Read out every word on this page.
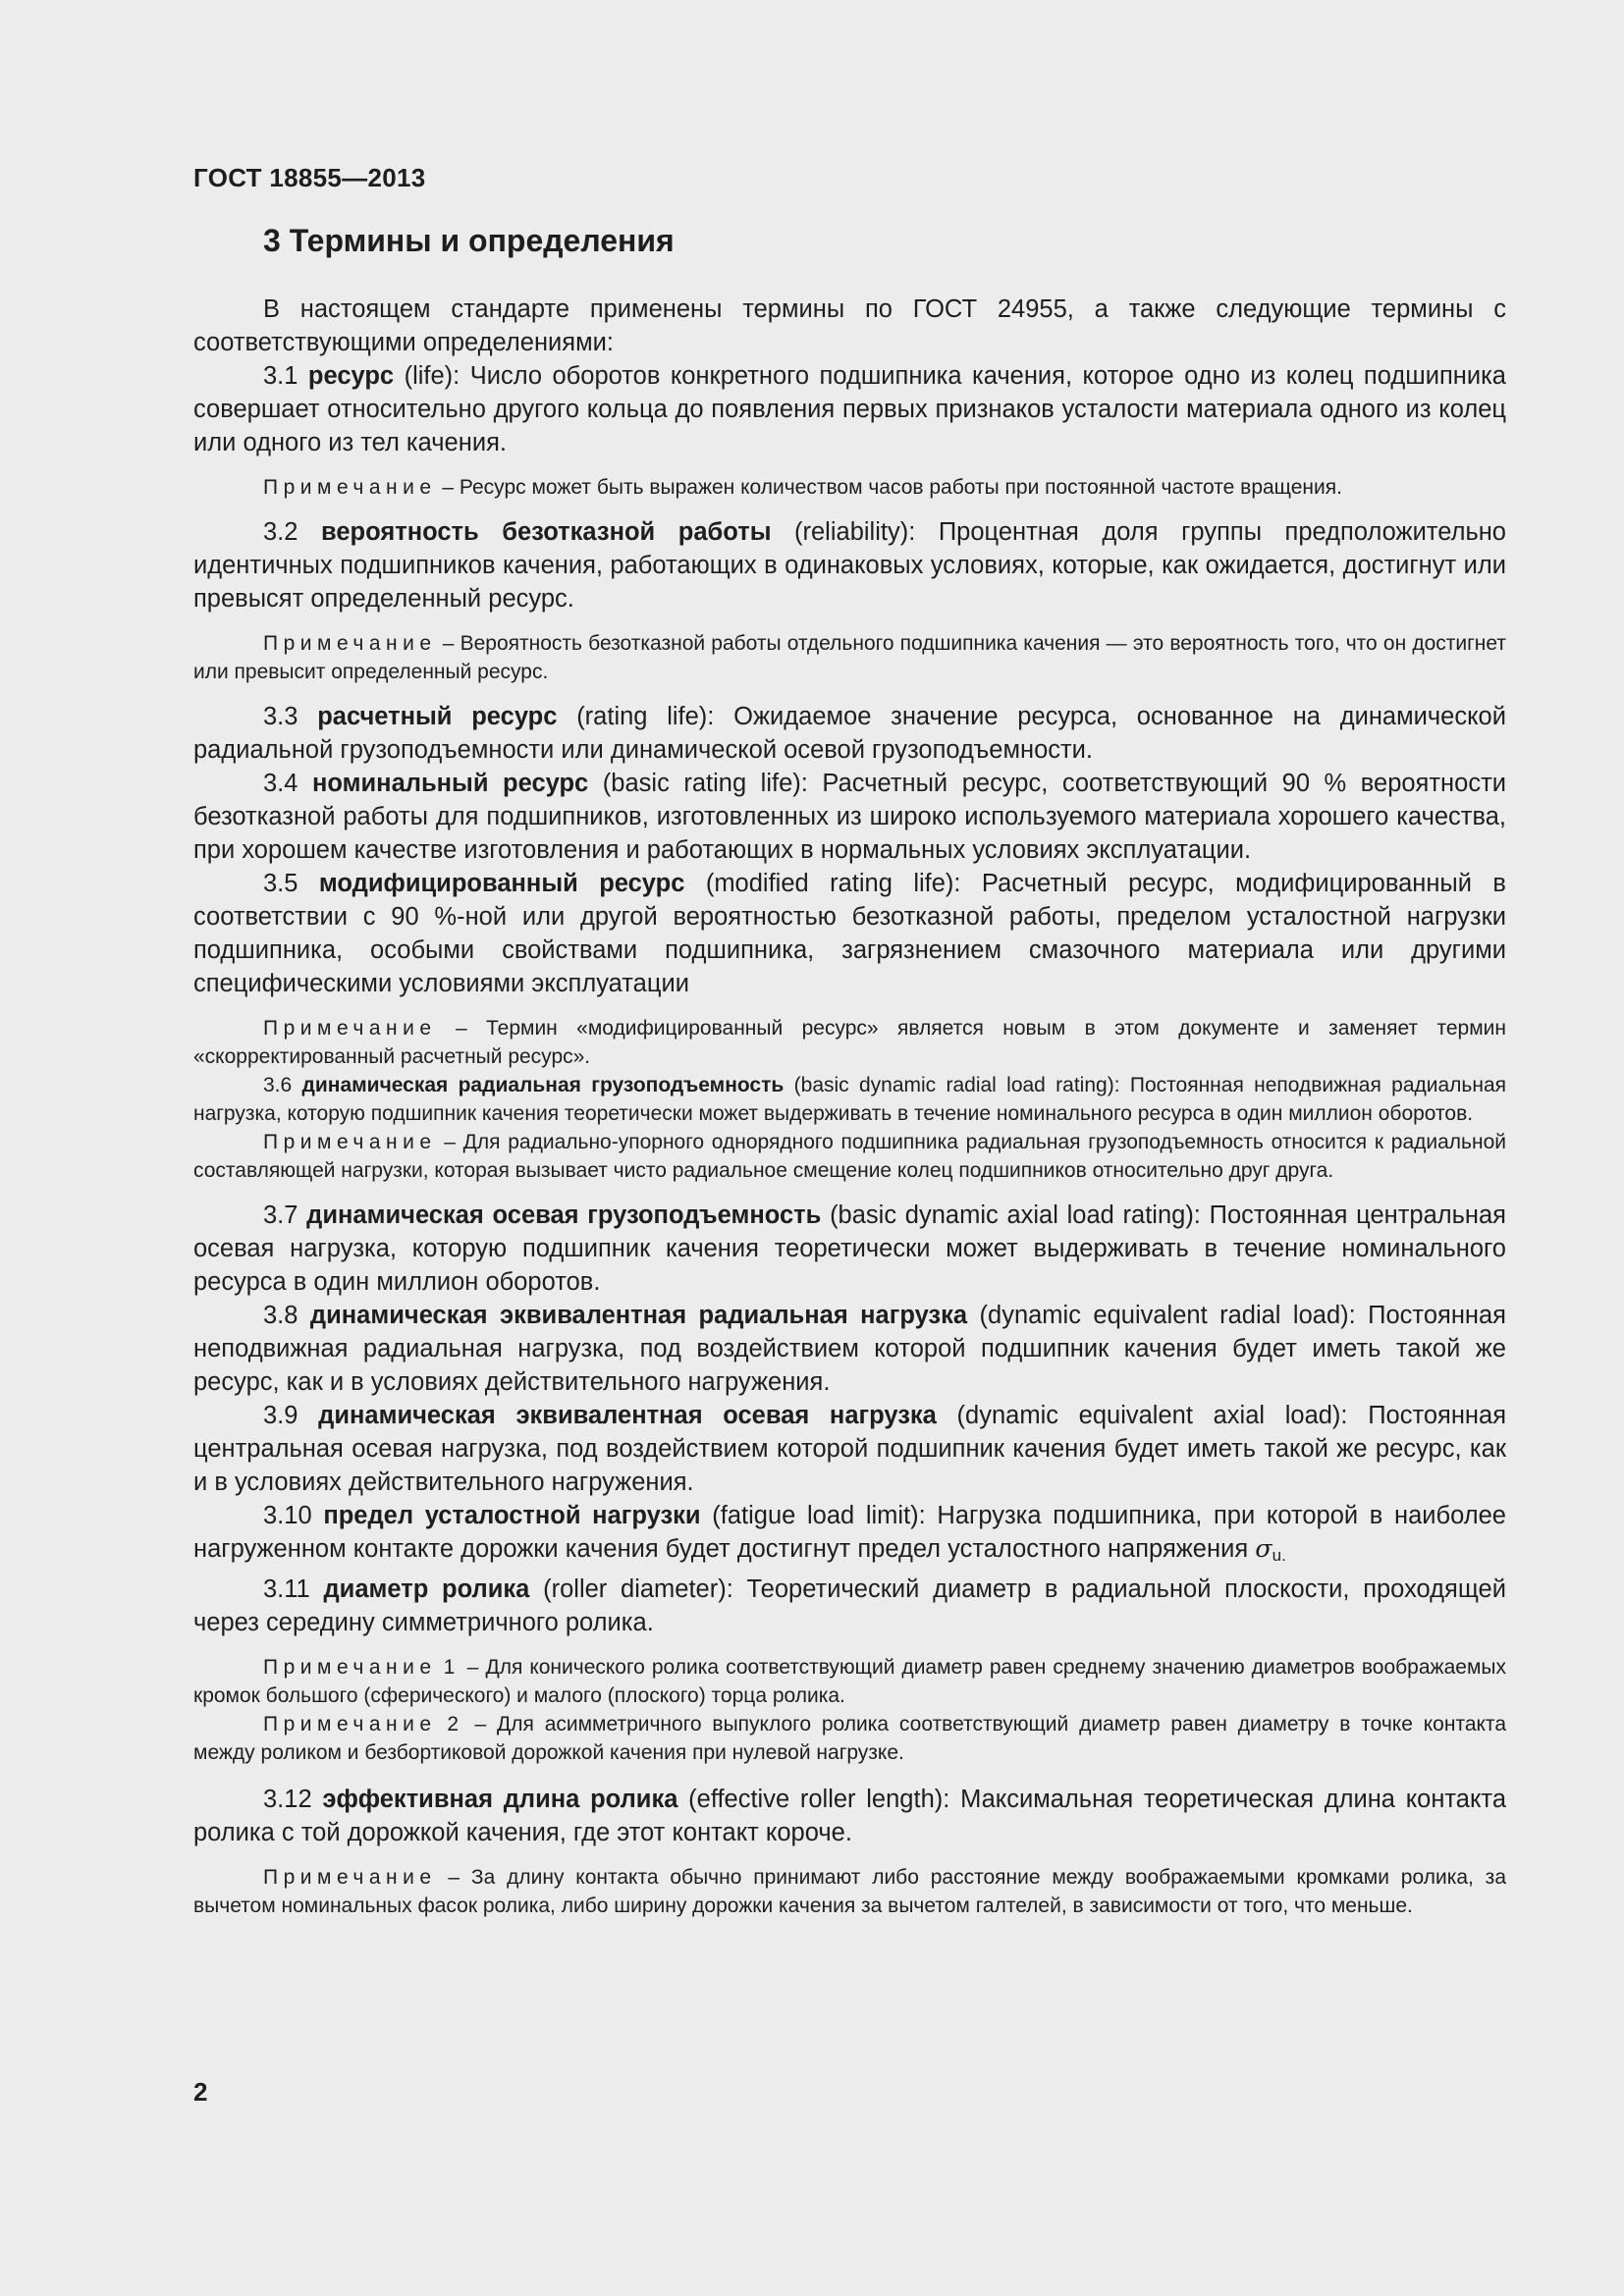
ГОСТ 18855—2013
3 Термины и определения

В настоящем стандарте применены термины по ГОСТ 24955, а также следующие термины с соответствующими определениями:

3.1 ресурс (life): Число оборотов конкретного подшипника качения, которое одно из колец подшипника совершает относительно другого кольца до появления первых признаков усталости материала одного из колец или одного из тел качения.

Примечание – Ресурс может быть выражен количеством часов работы при постоянной частоте вращения.

3.2 вероятность безотказной работы (reliability): Процентная доля группы предположительно идентичных подшипников качения, работающих в одинаковых условиях, которые, как ожидается, достигнут или превысят определенный ресурс.

Примечание – Вероятность безотказной работы отдельного подшипника качения — это вероятность того, что он достигнет или превысит определенный ресурс.

3.3 расчетный ресурс (rating life): Ожидаемое значение ресурса, основанное на динамической радиальной грузоподъемности или динамической осевой грузоподъемности.

3.4 номинальный ресурс (basic rating life): Расчетный ресурс, соответствующий 90 % вероятности безотказной работы для подшипников, изготовленных из широко используемого материала хорошего качества, при хорошем качестве изготовления и работающих в нормальных условиях эксплуатации.

3.5 модифицированный ресурс (modified rating life): Расчетный ресурс, модифицированный в соответствии с 90 %-ной или другой вероятностью безотказной работы, пределом усталостной нагрузки подшипника, особыми свойствами подшипника, загрязнением смазочного материала или другими специфическими условиями эксплуатации

Примечание – Термин «модифицированный ресурс» является новым в этом документе и заменяет термин «скорректированный расчетный ресурс».

3.6 динамическая радиальная грузоподъемность (basic dynamic radial load rating): Постоянная неподвижная радиальная нагрузка, которую подшипник качения теоретически может выдерживать в течение номинального ресурса в один миллион оборотов.

Примечание – Для радиально-упорного однорядного подшипника радиальная грузоподъемность относится к радиальной составляющей нагрузки, которая вызывает чисто радиальное смещение колец подшипников относительно друг друга.

3.7 динамическая осевая грузоподъемность (basic dynamic axial load rating): Постоянная центральная осевая нагрузка, которую подшипник качения теоретически может выдерживать в течение номинального ресурса в один миллион оборотов.

3.8 динамическая эквивалентная радиальная нагрузка (dynamic equivalent radial load): Постоянная неподвижная радиальная нагрузка, под воздействием которой подшипник качения будет иметь такой же ресурс, как и в условиях действительного нагружения.

3.9 динамическая эквивалентная осевая нагрузка (dynamic equivalent axial load): Постоянная центральная осевая нагрузка, под воздействием которой подшипник качения будет иметь такой же ресурс, как и в условиях действительного нагружения.

3.10 предел усталостной нагрузки (fatigue load limit): Нагрузка подшипника, при которой в наиболее нагруженном контакте дорожки качения будет достигнут предел усталостного напряжения $\sigma_{u.}$

3.11 диаметр ролика (roller diameter): Теоретический диаметр в радиальной плоскости, проходящей через середину симметричного ролика.

Примечание 1 – Для конического ролика соответствующий диаметр равен среднему значению диаметров воображаемых кромок большого (сферического) и малого (плоского) торца ролика.

Примечание 2 – Для асимметричного выпуклого ролика соответствующий диаметр равен диаметру в точке контакта между роликом и безбортиковой дорожкой качения при нулевой нагрузке.

3.12 эффективная длина ролика (effective roller length): Максимальная теоретическая длина контакта ролика с той дорожкой качения, где этот контакт короче.

Примечание – За длину контакта обычно принимают либо расстояние между воображаемыми кромками ролика, за вычетом номинальных фасок ролика, либо ширину дорожки качения за вычетом галтелей, в зависимости от того, что меньше.

2
